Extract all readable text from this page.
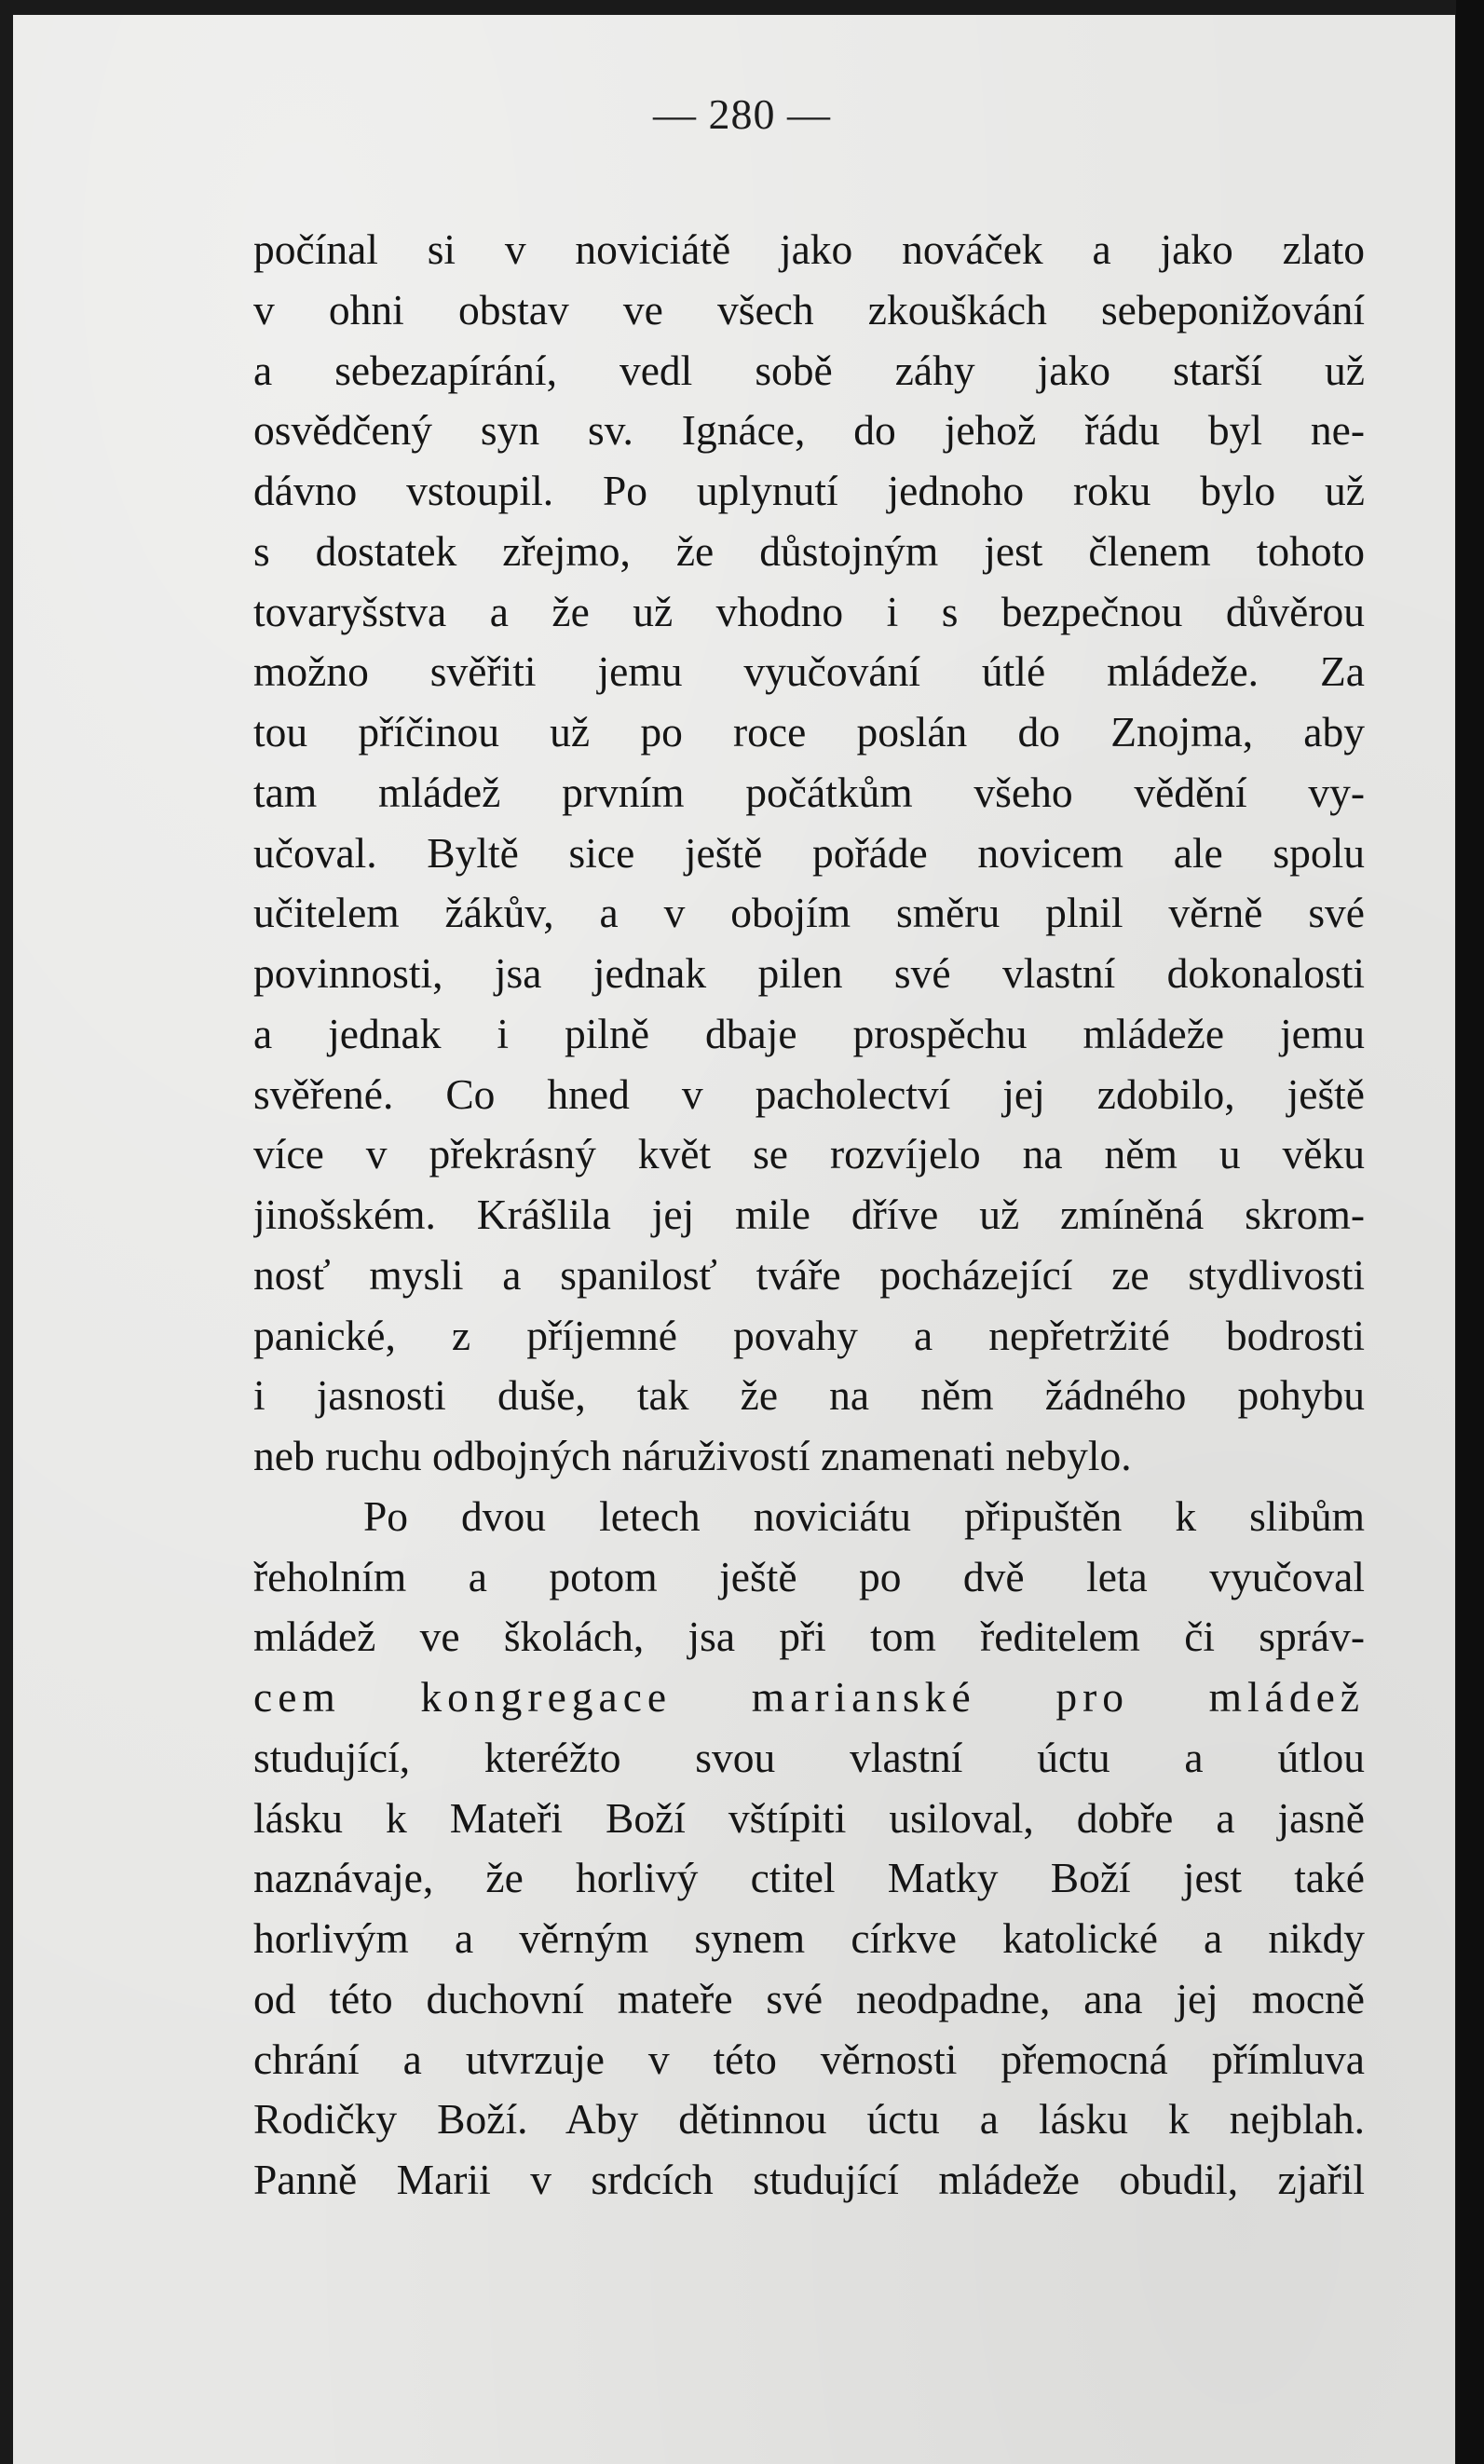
— 280 —
počínal si v noviciátě jako nováček a jako zlato
v ohni obstav ve všech zkouškách sebeponižování
a sebezapírání, vedl sobě záhy jako starší už
osvědčený syn sv. Ignáce, do jehož řádu byl ne-
dávno vstoupil. Po uplynutí jednoho roku bylo už
s dostatek zřejmo, že důstojným jest členem tohoto
tovaryšstva a že už vhodno i s bezpečnou důvěrou
možno svěřiti jemu vyučování útlé mládeže. Za
tou příčinou už po roce poslán do Znojma, aby
tam mládež prvním počátkům všeho vědění vy-
učoval. Byltě sice ještě pořáde novicem ale spolu
učitelem žákův, a v obojím směru plnil věrně své
povinnosti, jsa jednak pilen své vlastní dokonalosti
a jednak i pilně dbaje prospěchu mládeže jemu
svěřené. Co hned v pacholectví jej zdobilo, ještě
více v překrásný květ se rozvíjelo na něm u věku
jinošském. Krášlila jej mile dříve už zmíněná skrom-
nosť mysli a spanilosť tváře pocházející ze stydlivosti
panické, z příjemné povahy a nepřetržité bodrosti
i jasnosti duše, tak že na něm žádného pohybu
neb ruchu odbojných náruživostí znamenati nebylo.
Po dvou letech noviciátu připuštěn k slibům
řeholním a potom ještě po dvě leta vyučoval
mládež ve školách, jsa při tom ředitelem či správ-
cem kongregace marianské pro mládež
studující, kteréžto svou vlastní úctu a útlou
lásku k Mateři Boží vštípiti usiloval, dobře a jasně
naznávaje, že horlivý ctitel Matky Boží jest také
horlivým a věrným synem církve katolické a nikdy
od této duchovní mateře své neodpadne, ana jej mocně
chrání a utvrzuje v této věrnosti přemocná přímluva
Rodičky Boží. Aby dětinnou úctu a lásku k nejblah.
Panně Marii v srdcích studující mládeže obudil, zjařil
